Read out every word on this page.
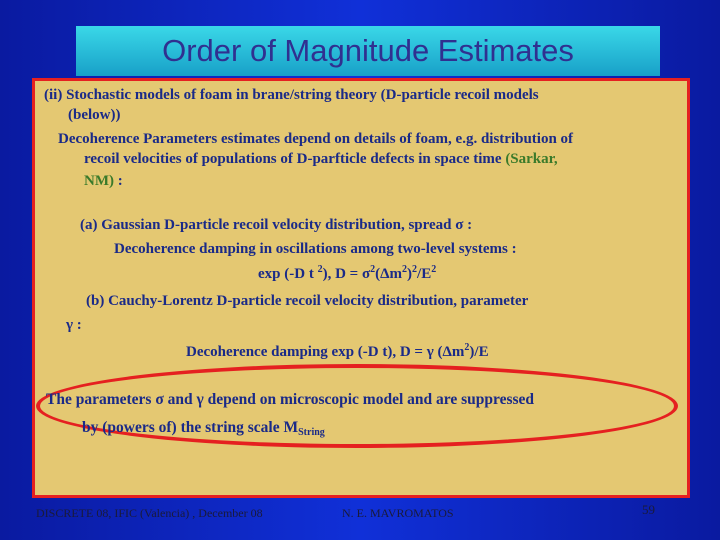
Order of Magnitude Estimates
(ii) Stochastic models of foam in brane/string theory (D-particle recoil models
(below))
Decoherence Parameters estimates depend on details of foam, e.g. distribution of
recoil velocities of populations of D-parfticle defects in space time (Sarkar,
NM) :
(a) Gaussian D-particle recoil velocity distribution, spread σ :
Decoherence damping in oscillations among two-level systems :
exp (-D t $^2$), $D = \sigma^2(\Delta m^2)^2/E^2$
(b) Cauchy-Lorentz D-particle recoil velocity distribution, parameter
γ :
Decoherence damping exp (-D t), D = γ $(\Delta m^2)/E$
The parameters σ and γ depend on microscopic model and are suppressed
by (powers of) the string scale $M_{String}$
DISCRETE 08, IFIC (Valencia) , December 08	N. E. MAVROMATOS	59
